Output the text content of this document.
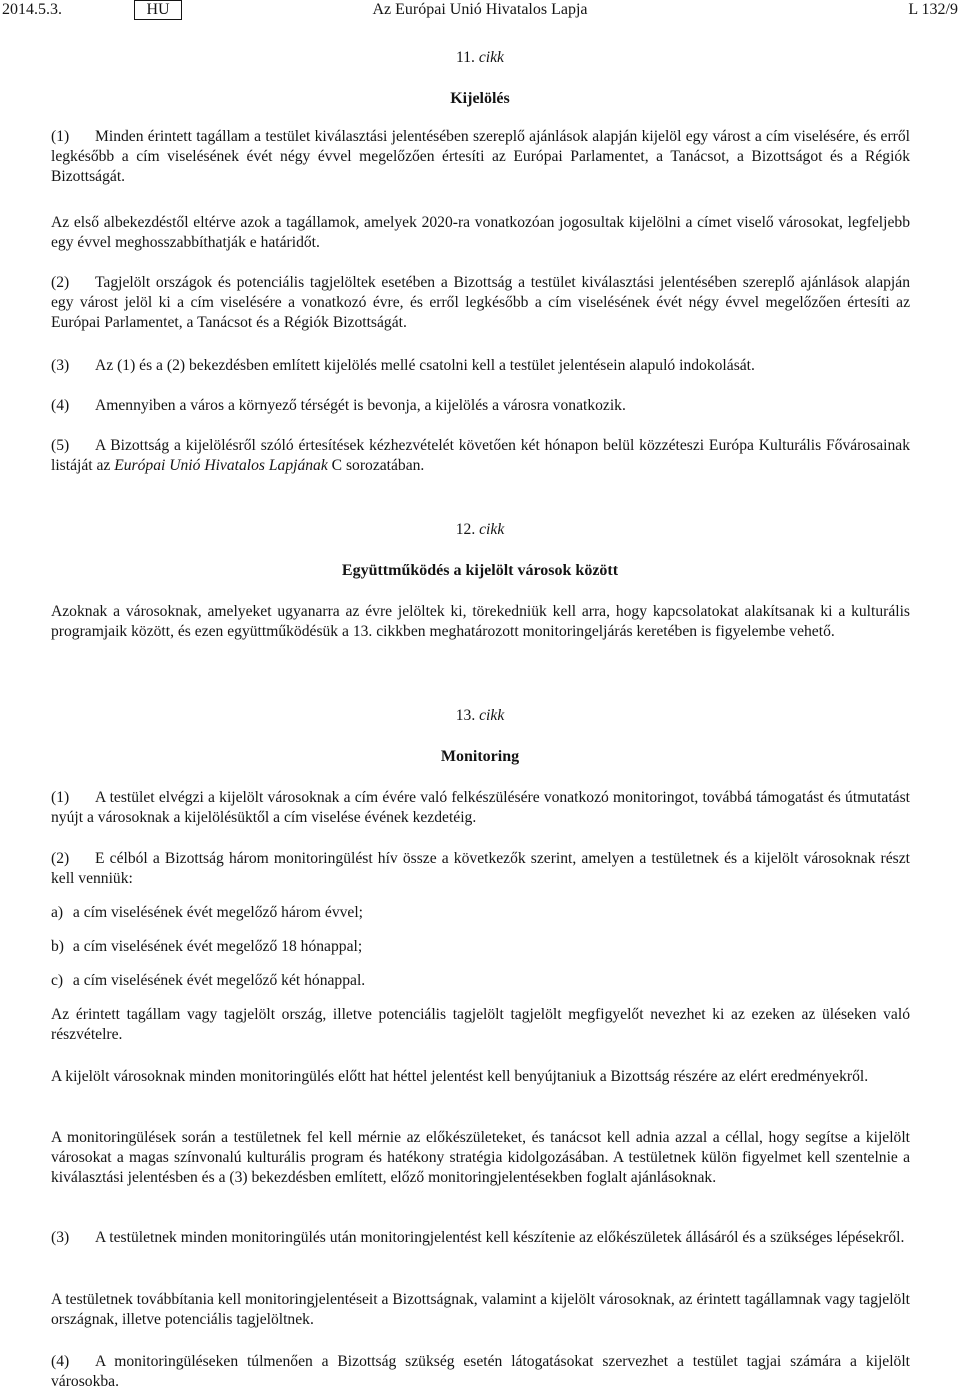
2014.5.3.	HU	Az Európai Unió Hivatalos Lapja	L 132/9
11. cikk
Kijelölés
(1) Minden érintett tagállam a testület kiválasztási jelentésében szereplő ajánlások alapján kijelöl egy várost a cím viselésére, és erről legkésőbb a cím viselésének évét négy évvel megelőzően értesíti az Európai Parlamentet, a Tanácsot, a Bizottságot és a Régiók Bizottságát.
Az első albekezdéstől eltérve azok a tagállamok, amelyek 2020-ra vonatkozóan jogosultak kijelölni a címet viselő városokat, legfeljebb egy évvel meghosszabbíthatják e határidőt.
(2) Tagjelölt országok és potenciális tagjelöltek esetében a Bizottság a testület kiválasztási jelentésében szereplő ajánlások alapján egy várost jelöl ki a cím viselésére a vonatkozó évre, és erről legkésőbb a cím viselésének évét négy évvel megelőzően értesíti az Európai Parlamentet, a Tanácsot és a Régiók Bizottságát.
(3) Az (1) és a (2) bekezdésben említett kijelölés mellé csatolni kell a testület jelentésein alapuló indokolását.
(4) Amennyiben a város a környező térségét is bevonja, a kijelölés a városra vonatkozik.
(5) A Bizottság a kijelölésről szóló értesítések kézhezvételét követően két hónapon belül közzéteszi Európa Kulturális Fővárosainak listáját az Európai Unió Hivatalos Lapjának C sorozatában.
12. cikk
Együttműködés a kijelölt városok között
Azoknak a városoknak, amelyeket ugyanarra az évre jelöltek ki, törekedniük kell arra, hogy kapcsolatokat alakítsanak ki a kulturális programjaik között, és ezen együttműködésük a 13. cikkben meghatározott monitoringeljárás keretében is figyelembe vehető.
13. cikk
Monitoring
(1) A testület elvégzi a kijelölt városoknak a cím évére való felkészülésére vonatkozó monitoringot, továbbá támogatást és útmutatást nyújt a városoknak a kijelölésüktől a cím viselése évének kezdetéig.
(2) E célból a Bizottság három monitoringülést hív össze a következők szerint, amelyen a testületnek és a kijelölt városoknak részt kell venniük:
a) a cím viselésének évét megelőző három évvel;
b) a cím viselésének évét megelőző 18 hónappal;
c) a cím viselésének évét megelőző két hónappal.
Az érintett tagállam vagy tagjelölt ország, illetve potenciális tagjelölt tagjelölt megfigyelőt nevezhet ki az ezeken az üléseken való részvételre.
A kijelölt városoknak minden monitoringülés előtt hat héttel jelentést kell benyújtaniuk a Bizottság részére az elért eredményekről.
A monitoringülések során a testületnek fel kell mérnie az előkészületeket, és tanácsot kell adnia azzal a céllal, hogy segítse a kijelölt városokat a magas színvonalú kulturális program és hatékony stratégia kidolgozásában. A testületnek külön figyelmet kell szentelnie a kiválasztási jelentésben és a (3) bekezdésben említett, előző monitoringjelentésekben foglalt ajánlásoknak.
(3) A testületnek minden monitoringülés után monitoringjelentést kell készítenie az előkészületek állásáról és a szükséges lépésekről.
A testületnek továbbítania kell monitoringjelentéseit a Bizottságnak, valamint a kijelölt városoknak, az érintett tagállamnak vagy tagjelölt országnak, illetve potenciális tagjelöltnek.
(4) A monitoringüléseken túlmenően a Bizottság szükség esetén látogatásokat szervezhet a testület tagjai számára a kijelölt városokba.
